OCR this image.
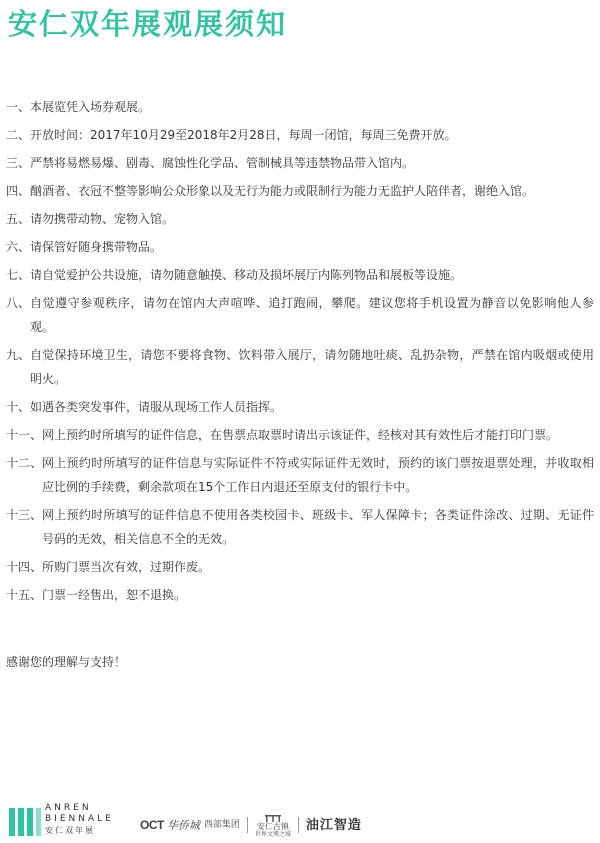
安仁双年展观展须知
一、 本展览凭入场券观展。
二、 开放时间：2017年10月29至2018年2月28日，每周一闭馆，每周三免费开放。
三、 严禁将易燃易爆、剧毒、腐蚀性化学品、管制械具等违禁物品带入馆内。
四、 酗酒者、衣冠不整等影响公众形象以及无行为能力或限制行为能力无监护人陪伴者，谢绝入馆。
五、 请勿携带动物、宠物入馆。
六、 请保管好随身携带物品。
七、 请自觉爱护公共设施，请勿随意触摸、移动及损坏展厅内陈列物品和展板等设施。
八、 自觉遵守参观秩序，请勿在馆内大声喧哗、追打跑闹，攀爬。建议您将手机设置为静音以免影响他人参观。
九、 自觉保持环境卫生，请您不要将食物、饮料带入展厅，请勿随地吐痰、乱扔杂物，严禁在馆内吸烟或使用明火。
十、 如遇各类突发事件，请服从现场工作人员指挥。
十一、 网上预约时所填写的证件信息，在售票点取票时请出示该证件，经核对其有效性后才能打印门票。
十二、 网上预约时所填写的证件信息与实际证件不符或实际证件无效时，预约的该门票按退票处理，并收取相应比例的手续费，剩余款项在15个工作日内退还至原支付的银行卡中。
十三、 网上预约时所填写的证件信息不使用各类校园卡、班级卡、军人保障卡；各类证件涂改、过期、无证件号码的无效，相关信息不全的无效。
十四、 所购门票当次有效，过期作废。
十五、 门票一经售出，恕不退换。
感谢您的理解与支持！
ANREN
BIENNALE
安仁双年展	OCT 华侨城 西部集团 安仁古镇
世界文博之城
油江智造
